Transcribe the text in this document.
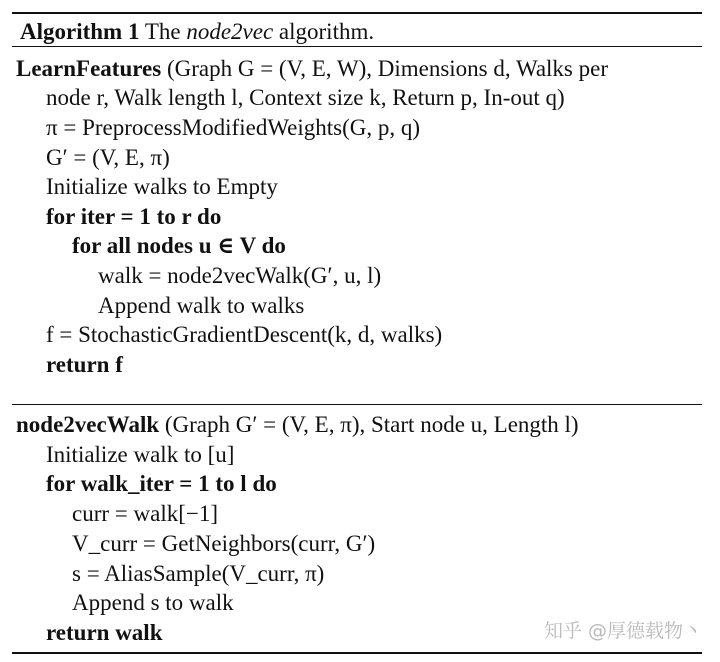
Algorithm 1 The node2vec algorithm.
LearnFeatures (Graph G = (V, E, W), Dimensions d, Walks per
node r, Walk length l, Context size k, Return p, In-out q)
π = PreprocessModifiedWeights(G, p, q)
G′ = (V, E, π)
Initialize walks to Empty
for iter = 1 to r do
for all nodes u ∈ V do
walk = node2vecWalk(G′, u, l)
Append walk to walks
f = StochasticGradientDescent(k, d, walks)
return f
node2vecWalk (Graph G′ = (V, E, π), Start node u, Length l)
Initialize walk to [u]
for walk_iter = 1 to l do
curr = walk[−1]
V_curr = GetNeighbors(curr, G′)
s = AliasSample(V_curr, π)
Append s to walk
return walk	知乎 @厚德载物丶
